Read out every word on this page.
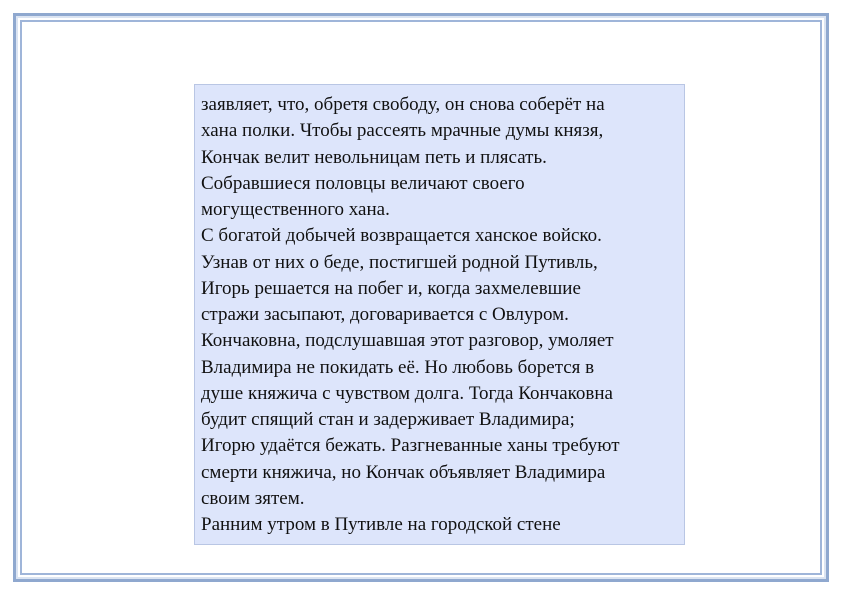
заявляет, что, обретя свободу, он снова соберёт на
хана полки. Чтобы рассеять мрачные думы князя,
Кончак велит невольницам петь и плясать.
Собравшиеся половцы величают своего
могущественного хана.
С богатой добычей возвращается ханское войско.
Узнав от них о беде, постигшей родной Путивль,
Игорь решается на побег и, когда захмелевшие
стражи засыпают, договаривается с Овлуром.
Кончаковна, подслушавшая этот разговор, умоляет
Владимира не покидать её. Но любовь борется в
душе княжича с чувством долга. Тогда Кончаковна
будит спящий стан и задерживает Владимира;
Игорю удаётся бежать. Разгневанные ханы требуют
смерти княжича, но Кончак объявляет Владимира
своим зятем.
Ранним утром в Путивле на городской стене
